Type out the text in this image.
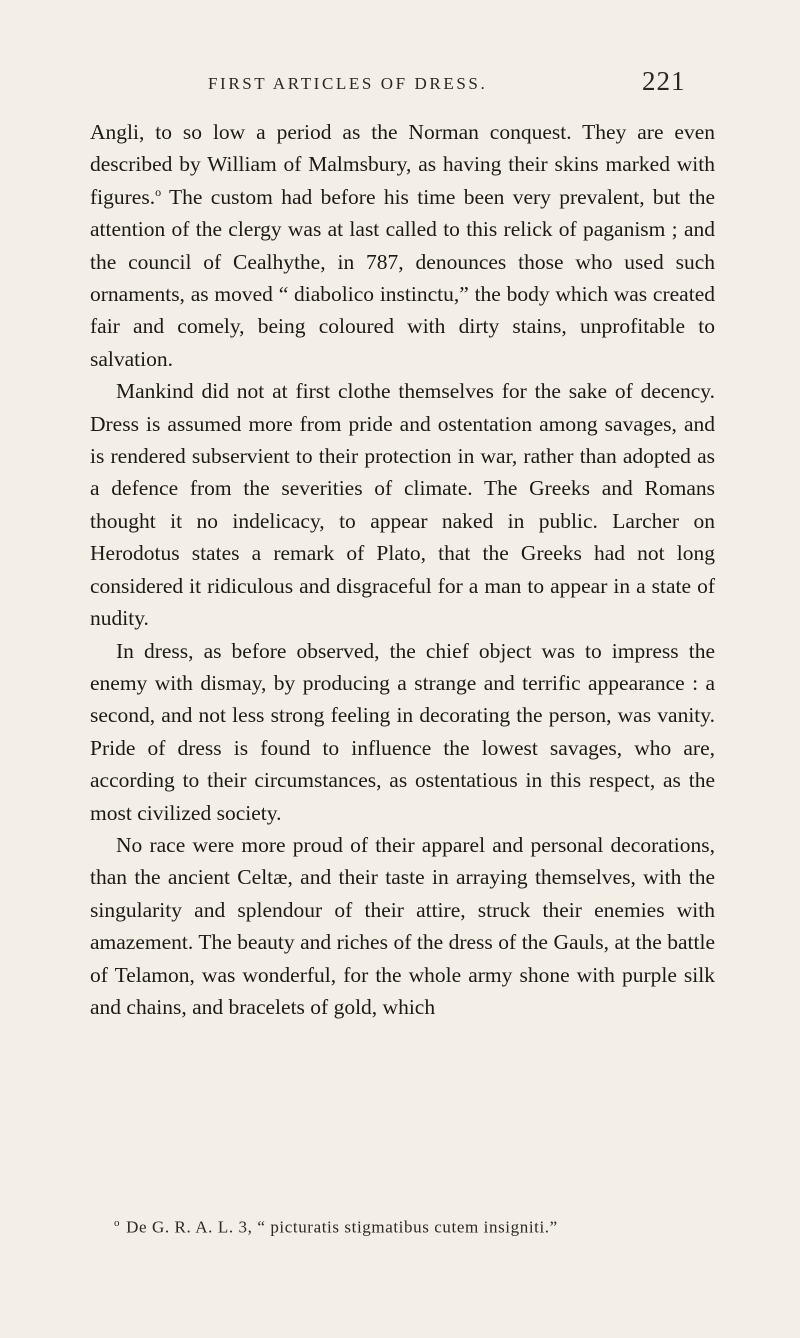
FIRST ARTICLES OF DRESS.	221

Angli, to so low a period as the Norman conquest. They are even described by William of Malmsbury, as having their skins marked with figures.$^o$ The custom had before his time been very prevalent, but the attention of the clergy was at last called to this relick of paganism ; and the council of Cealhythe, in 787, denounces those who used such ornaments, as moved “ diabolico instinctu,” the body which was created fair and comely, being coloured with dirty stains, unprofitable to salvation.

Mankind did not at first clothe themselves for the sake of decency. Dress is assumed more from pride and ostentation among savages, and is rendered subservient to their protection in war, rather than adopted as a defence from the severities of climate. The Greeks and Romans thought it no indelicacy, to appear naked in public. Larcher on Herodotus states a remark of Plato, that the Greeks had not long considered it ridiculous and disgraceful for a man to appear in a state of nudity.

In dress, as before observed, the chief object was to impress the enemy with dismay, by producing a strange and terrific appearance : a second, and not less strong feeling in decorating the person, was vanity. Pride of dress is found to influence the lowest savages, who are, according to their circumstances, as ostentatious in this respect, as the most civilized society.

No race were more proud of their apparel and personal decorations, than the ancient Celtæ, and their taste in arraying themselves, with the singularity and splendour of their attire, struck their enemies with amazement. The beauty and riches of the dress of the Gauls, at the battle of Telamon, was wonderful, for the whole army shone with purple silk and chains, and bracelets of gold, which

$^o$ De G. R. A. L. 3, “ picturatis stigmatibus cutem insigniti.”
